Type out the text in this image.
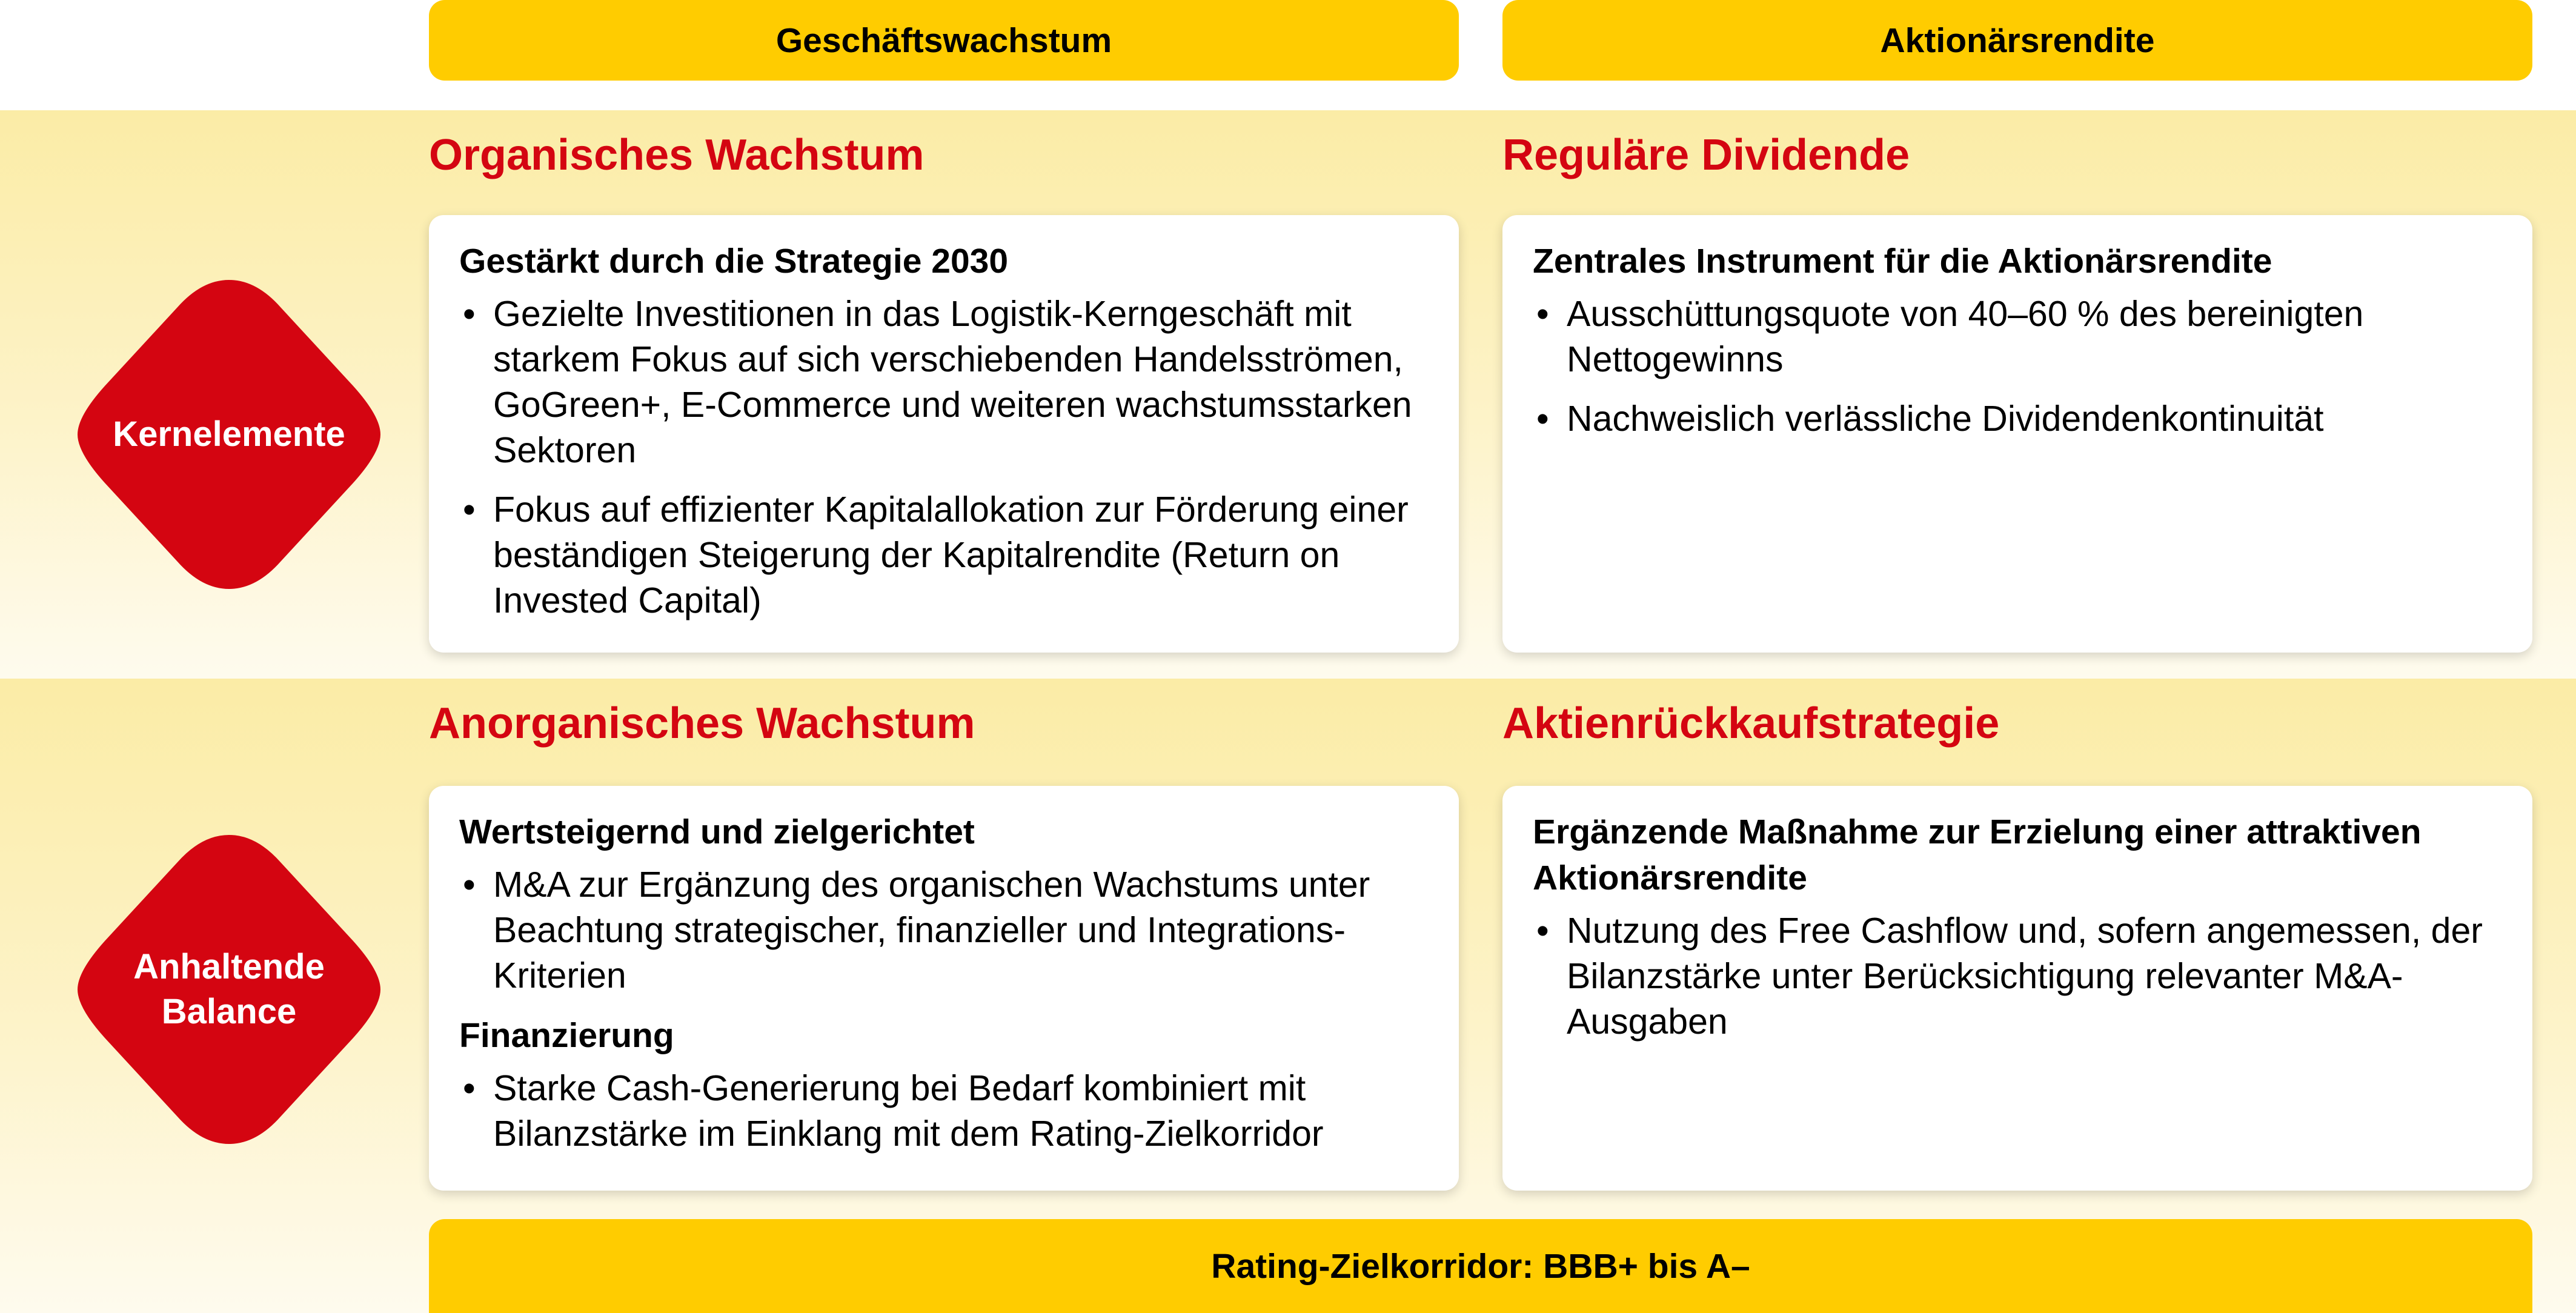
Geschäftswachstum	Aktionärsrendite
Kernelemente
Anhaltende
Balance
Organisches Wachstum	Reguläre Dividende
Gestärkt durch die Strategie 2030
• Gezielte Investitionen in das Logistik-Kerngeschäft mit starkem Fokus auf sich verschiebenden Handelsströmen, GoGreen+, E-Commerce und weiteren wachstumsstarken Sektoren
• Fokus auf effizienter Kapitalallokation zur Förderung einer beständigen Steigerung der Kapitalrendite (Return on Invested Capital)
Zentrales Instrument für die Aktionärsrendite
• Ausschüttungsquote von 40–60 % des bereinigten Nettogewinns
• Nachweislich verlässliche Dividendenkontinuität
Anorganisches Wachstum	Aktienrückkaufstrategie
Wertsteigernd und zielgerichtet
• M&A zur Ergänzung des organischen Wachstums unter Beachtung strategischer, finanzieller und Integrations-Kriterien
Finanzierung
• Starke Cash-Generierung bei Bedarf kombiniert mit Bilanzstärke im Einklang mit dem Rating-Zielkorridor
Ergänzende Maßnahme zur Erzielung einer attraktiven Aktionärsrendite
• Nutzung des Free Cashflow und, sofern angemessen, der Bilanzstärke unter Berücksichtigung relevanter M&A-Ausgaben
Rating-Zielkorridor: BBB+ bis A–
